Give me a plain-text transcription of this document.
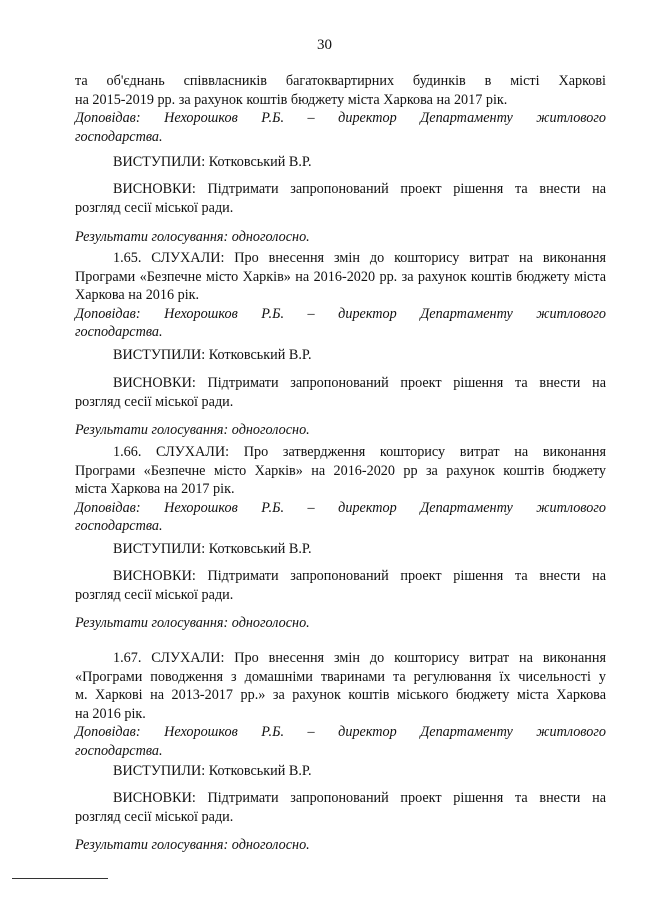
30
та об'єднань співвласників багатоквартирних будинків в місті Харкові
на 2015-2019 рр. за рахунок коштів бюджету міста Харкова на 2017 рік.
Доповідав: Нехорошков Р.Б. – директор Департаменту житлового
господарства.
ВИСТУПИЛИ: Котковський В.Р.
ВИСНОВКИ: Підтримати запропонований проект рішення та внести на
розгляд сесії міської ради.
Результати голосування: одноголосно.
1.65. СЛУХАЛИ: Про внесення змін до кошторису витрат на виконання
Програми «Безпечне місто Харків» на 2016-2020 рр. за рахунок коштів бюджету міста
Харкова на 2016 рік.
Доповідав: Нехорошков Р.Б. – директор Департаменту житлового
господарства.
ВИСТУПИЛИ: Котковський В.Р.
ВИСНОВКИ: Підтримати запропонований проект рішення та внести на
розгляд сесії міської ради.
Результати голосування: одноголосно.
1.66. СЛУХАЛИ: Про затвердження кошторису витрат на виконання
Програми «Безпечне місто Харків» на 2016-2020 рр за рахунок коштів бюджету
міста Харкова на 2017 рік.
Доповідав: Нехорошков Р.Б. – директор Департаменту житлового
господарства.
ВИСТУПИЛИ: Котковський В.Р.
ВИСНОВКИ: Підтримати запропонований проект рішення та внести на
розгляд сесії міської ради.
Результати голосування: одноголосно.
1.67. СЛУХАЛИ: Про внесення змін до кошторису витрат на виконання
«Програми поводження з домашніми тваринами та регулювання їх чисельності у
м. Харкові на 2013-2017 рр.» за рахунок коштів міського бюджету міста Харкова
на 2016 рік.
Доповідав: Нехорошков Р.Б. – директор Департаменту житлового
господарства.
ВИСТУПИЛИ: Котковський В.Р.
ВИСНОВКИ: Підтримати запропонований проект рішення та внести на
розгляд сесії міської ради.
Результати голосування: одноголосно.
